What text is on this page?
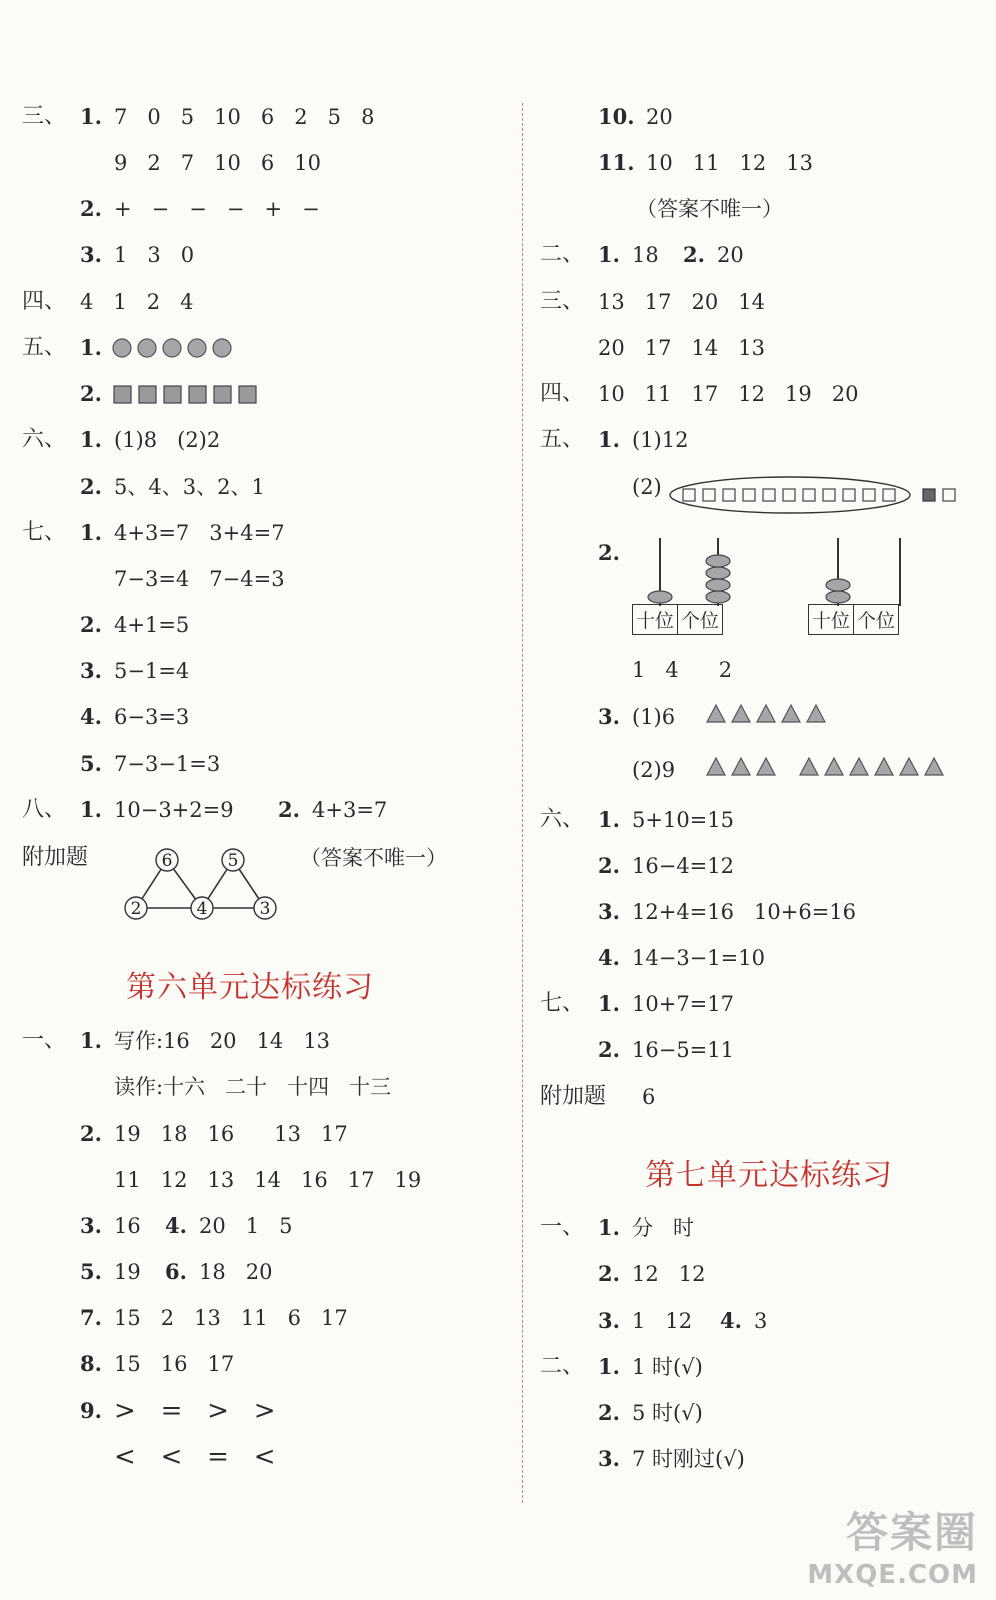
三、 1. 7   0   5   10   6   2   5   8
9   2   7   10   6   10
2. +   −   −   −   +   −
3. 1   3   0
四、 4   1   2   4
五、 1.
2.
六、 1. (1)8   (2)2
2. 5、4、3、2、1
七、 1. 4+3=7   3+4=7
7−3=4   7−4=3
2. 4+1=5
3. 5−1=4
4. 6−3=3
5. 7−3−1=3
八、 1. 10−3+2=9 2. 4+3=7
附加题	（答案不唯一）
6	5
2	4	3
第六单元达标练习
一、 1. 写作:16   20   14   13
读作:十六   二十   十四   十三
2. 19   18   16      13   17
11   12   13   14   16   17   19
3. 16 4. 20   1   5
5. 19 6. 18   20
7. 15   2   13   11   6   17
8. 15   16   17
9. >   =   >   >
<   <   =   <
10. 20
11. 10   11   12   13
（答案不唯一）
二、 1. 18 2. 20
三、 13   17   20   14
20   17   14   13
四、 10   11   17   12   19   20
五、 1. (1)12
(2)
2.
十位 个位	十位 个位
1   4      2
3. (1)6
(2)9
六、 1. 5+10=15
2. 16−4=12
3. 12+4=16   10+6=16
4. 14−3−1=10
七、 1. 10+7=17
2. 16−5=11
附加题 6
第七单元达标练习
一、 1. 分   时
2. 12   12
3. 1   12 4. 3
二、 1. 1 时(√)
2. 5 时(√)
3. 7 时刚过(√)
答案圈
MXQE.COM
